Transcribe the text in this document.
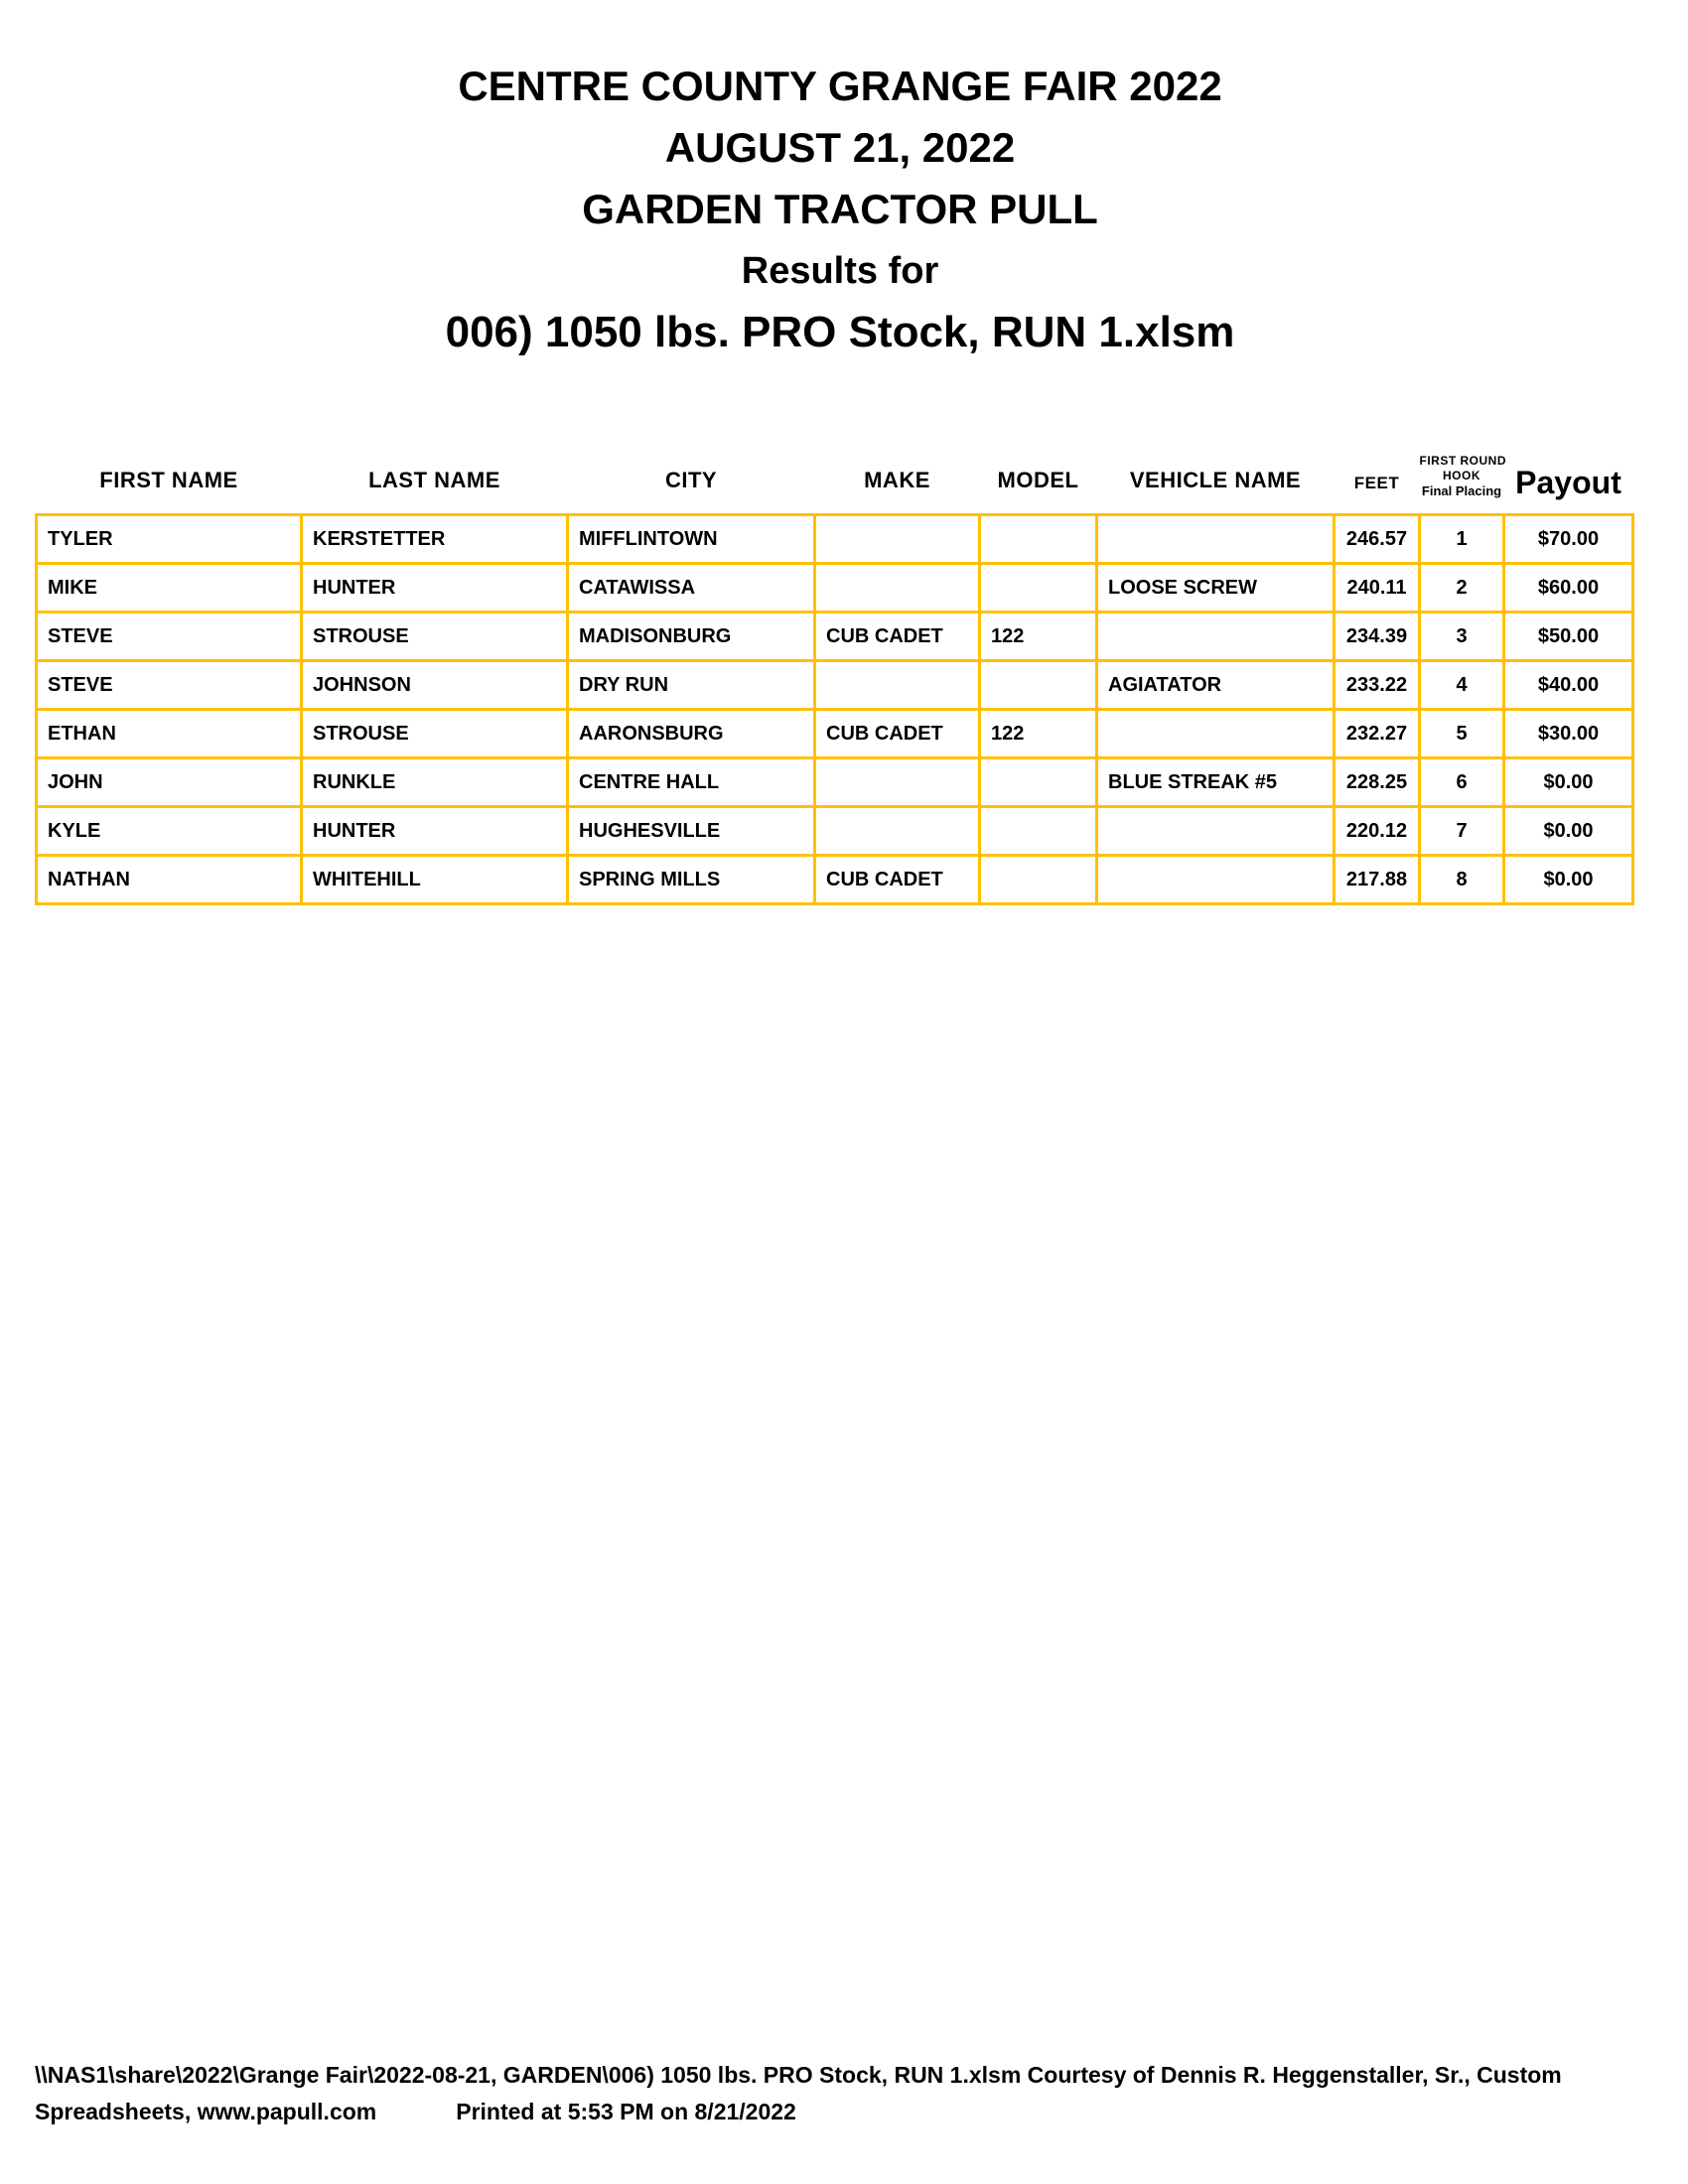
CENTRE COUNTY GRANGE FAIR 2022
AUGUST 21, 2022
GARDEN TRACTOR PULL
Results for
006) 1050 lbs. PRO Stock, RUN 1.xlsm
FIRST NAME	LAST NAME	CITY	MAKE	MODEL	VEHICLE NAME	FEET	FIRST ROUND
HOOK
Final Placing	Payout
TYLER	KERSTETTER	MIFFLINTOWN				246.57	1	$70.00
MIKE	HUNTER	CATAWISSA			LOOSE SCREW	240.11	2	$60.00
STEVE	STROUSE	MADISONBURG	CUB CADET	122		234.39	3	$50.00
STEVE	JOHNSON	DRY RUN			AGIATATOR	233.22	4	$40.00
ETHAN	STROUSE	AARONSBURG	CUB CADET	122		232.27	5	$30.00
JOHN	RUNKLE	CENTRE HALL			BLUE STREAK #5	228.25	6	$0.00
KYLE	HUNTER	HUGHESVILLE				220.12	7	$0.00
NATHAN	WHITEHILL	SPRING MILLS	CUB CADET			217.88	8	$0.00
\\NAS1\share\2022\Grange Fair\2022-08-21, GARDEN\006) 1050 lbs. PRO Stock, RUN 1.xlsm Courtesy of Dennis R. Heggenstaller, Sr., Custom
Spreadsheets, www.papull.com	Printed at 5:53 PM on 8/21/2022
